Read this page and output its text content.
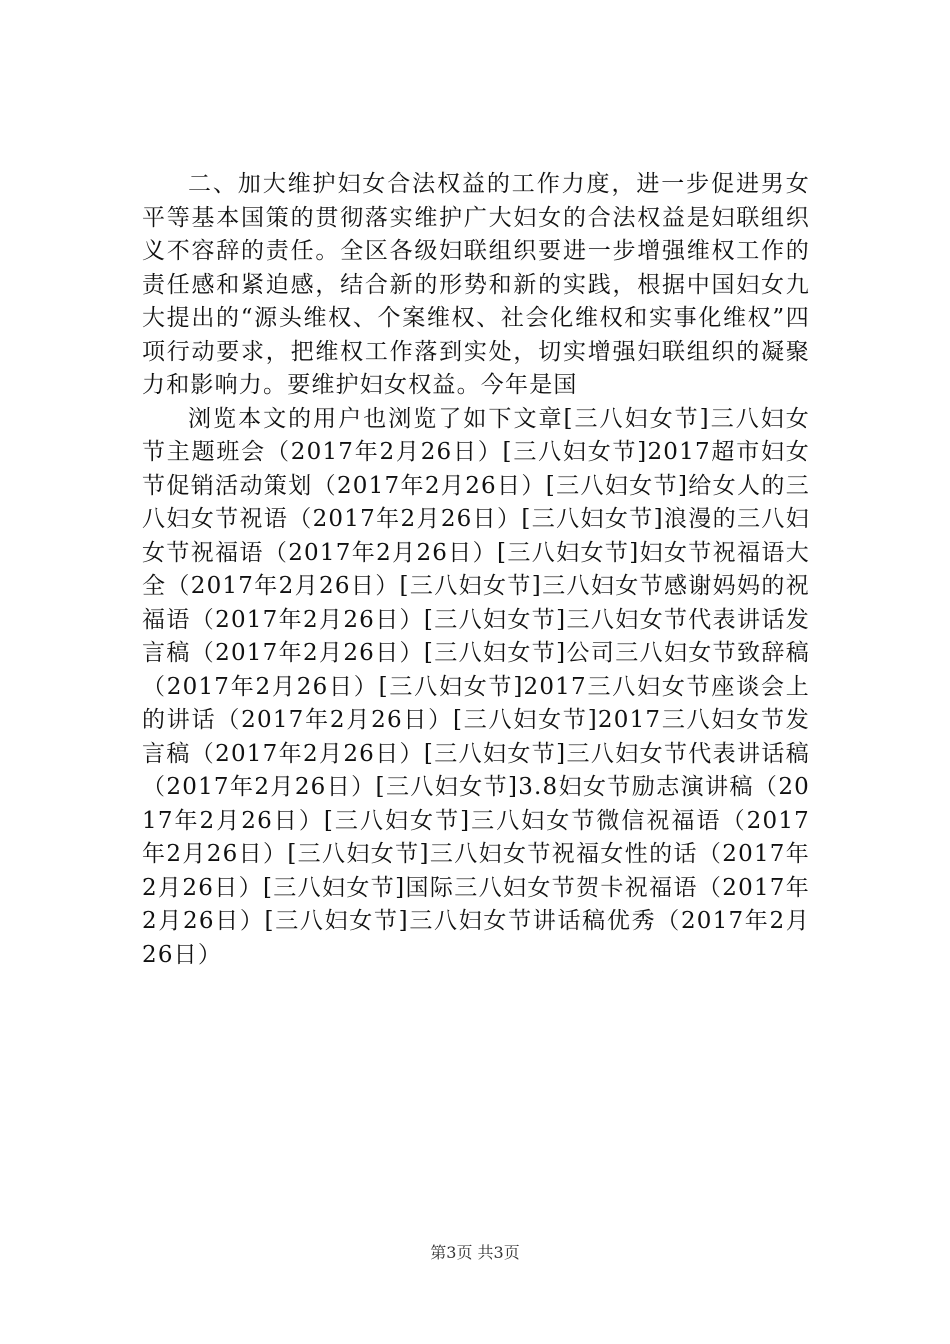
二、加大维护妇女合法权益的工作力度，进一步促进男女平等基本国策的贯彻落实维护广大妇女的合法权益是妇联组织义不容辞的责任。全区各级妇联组织要进一步增强维权工作的责任感和紧迫感，结合新的形势和新的实践，根据中国妇女九大提出的“源头维权、个案维权、社会化维权和实事化维权”四项行动要求，把维权工作落到实处，切实增强妇联组织的凝聚力和影响力。要维护妇女权益。今年是国

浏览本文的用户也浏览了如下文章[三八妇女节]三八妇女节主题班会（2017年2月26日）[三八妇女节]2017超市妇女节促销活动策划（2017年2月26日）[三八妇女节]给女人的三八妇女节祝语（2017年2月26日）[三八妇女节]浪漫的三八妇女节祝福语（2017年2月26日）[三八妇女节]妇女节祝福语大全（2017年2月26日）[三八妇女节]三八妇女节感谢妈妈的祝福语（2017年2月26日）[三八妇女节]三八妇女节代表讲话发言稿（2017年2月26日）[三八妇女节]公司三八妇女节致辞稿（2017年2月26日）[三八妇女节]2017三八妇女节座谈会上的讲话（2017年2月26日）[三八妇女节]2017三八妇女节发言稿（2017年2月26日）[三八妇女节]三八妇女节代表讲话稿（2017年2月26日）[三八妇女节]3.8妇女节励志演讲稿（2017年2月26日）[三八妇女节]三八妇女节微信祝福语（2017年2月26日）[三八妇女节]三八妇女节祝福女性的话（2017年2月26日）[三八妇女节]国际三八妇女节贺卡祝福语（2017年2月26日）[三八妇女节]三八妇女节讲话稿优秀（2017年2月26日）

第3页 共3页
